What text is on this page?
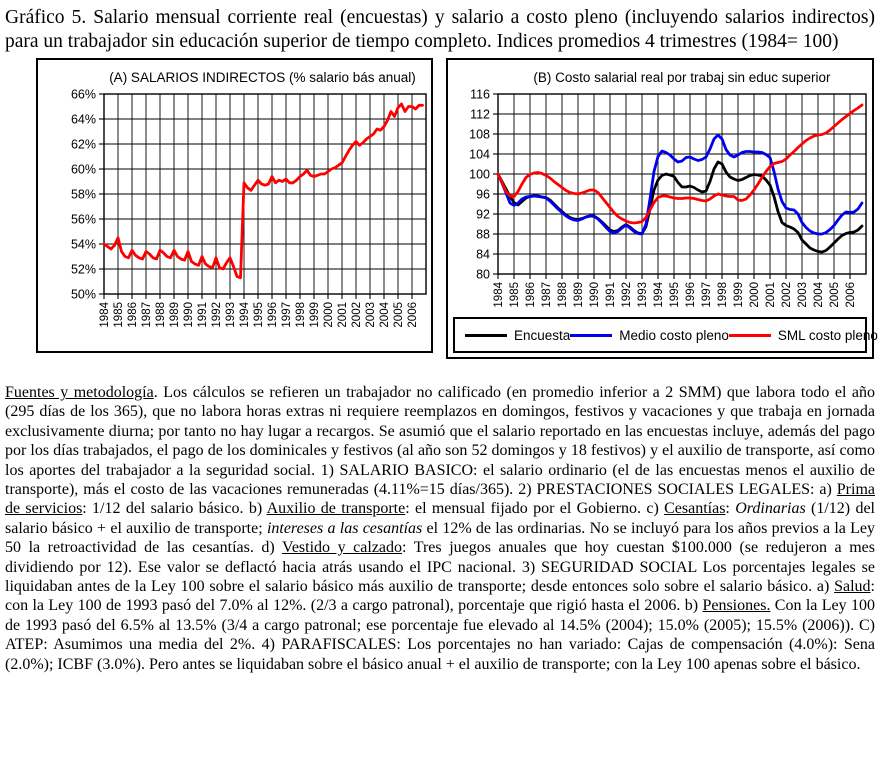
Gráfico 5. Salario mensual corriente real (encuestas) y salario a costo pleno (incluyendo salarios indirectos) para un trabajador sin educación superior de tiempo completo. Indices promedios 4 trimestres (1984= 100)

(A) SALARIOS INDIRECTOS (% salario bás anual)
66%
64%
62%
60%
58%
56%
54%
52%
50%
1984 1985 1986 1987 1988 1989 1990 1991 1992 1993 1994 1995 1996 1997 1998 1999 2000 2001 2002 2003 2004 2005 2006
(B) Costo salarial real por trabaj sin educ superior
116
112
108
104
100
96
92
88
84
80
1984 1985 1986 1987 1988 1989 1990 1991 1992 1993 1994 1995 1996 1997 1998 1999 2000 2001 2002 2003 2004 2005 2006
Encuesta	Medio costo pleno	SML costo pleno

Fuentes y metodología. Los cálculos se refieren un trabajador no calificado (en promedio inferior a 2 SMM) que labora todo el año (295 días de los 365), que no labora horas extras ni requiere reemplazos en domingos, festivos y vacaciones y que trabaja en jornada exclusivamente diurna; por tanto no hay lugar a recargos. Se asumió que el salario reportado en las encuestas incluye, además del pago por los días trabajados, el pago de los dominicales y festivos (al año son 52 domingos y 18 festivos) y el auxilio de transporte, así como los aportes del trabajador a la seguridad social. 1) SALARIO BASICO: el salario ordinario (el de las encuestas menos el auxilio de transporte), más el costo de las vacaciones remuneradas (4.11%=15 días/365). 2) PRESTACIONES SOCIALES LEGALES: a) Prima de servicios: 1/12 del salario básico. b) Auxilio de transporte: el mensual fijado por el Gobierno. c) Cesantías: Ordinarias (1/12) del salario básico + el auxilio de transporte; intereses a las cesantías el 12% de las ordinarias. No se incluyó para los años previos a la Ley 50 la retroactividad de las cesantías. d) Vestido y calzado: Tres juegos anuales que hoy cuestan $100.000 (se redujeron a mes dividiendo por 12). Ese valor se deflactó hacia atrás usando el IPC nacional. 3) SEGURIDAD SOCIAL Los porcentajes legales se liquidaban antes de la Ley 100 sobre el salario básico más auxilio de transporte; desde entonces solo sobre el salario básico. a) Salud: con la Ley 100 de 1993 pasó del 7.0% al 12%. (2/3 a cargo patronal), porcentaje que rigió hasta el 2006. b) Pensiones. Con la Ley 100 de 1993 pasó del 6.5% al 13.5% (3/4 a cargo patronal; ese porcentaje fue elevado al 14.5% (2004); 15.0% (2005); 15.5% (2006)). C) ATEP: Asumimos una media del 2%. 4) PARAFISCALES: Los porcentajes no han variado: Cajas de compensación (4.0%): Sena (2.0%); ICBF (3.0%). Pero antes se liquidaban sobre el básico anual + el auxilio de transporte; con la Ley 100 apenas sobre el básico.
